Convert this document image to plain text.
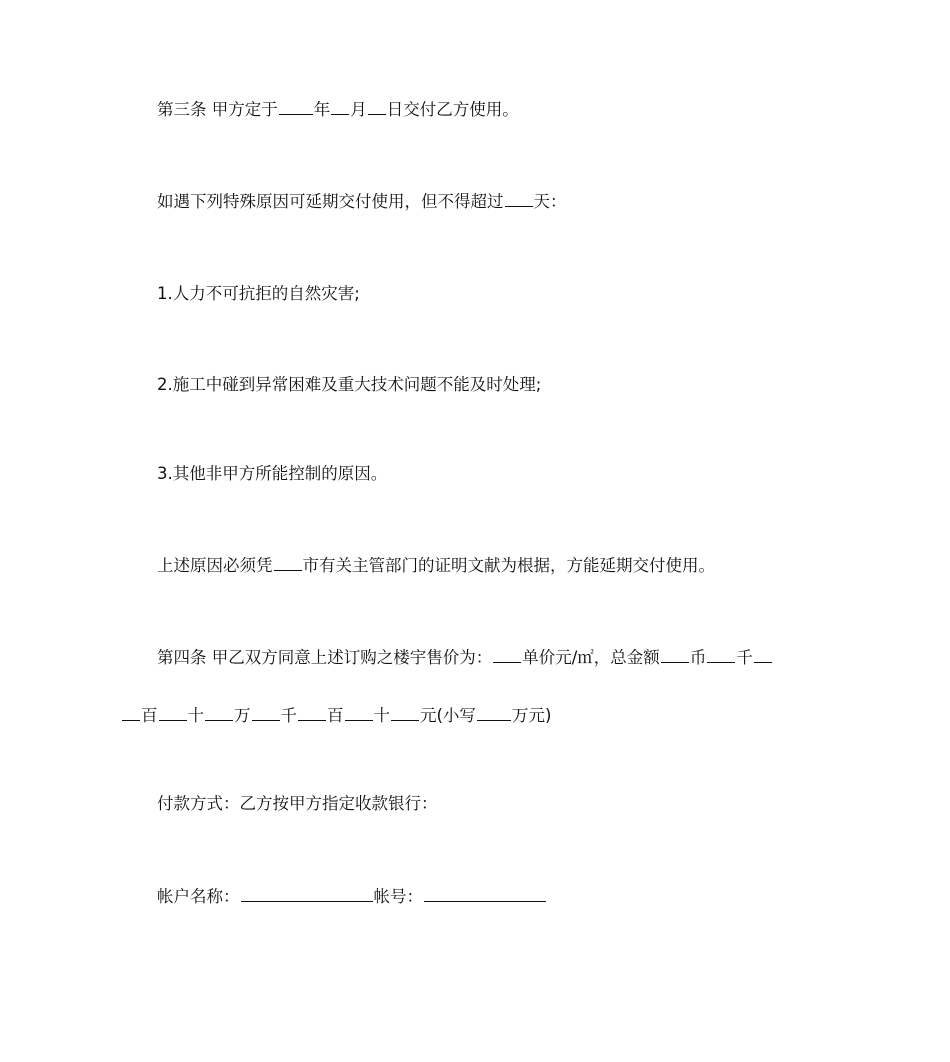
第三条 甲方定于 年 月 日交付乙方使用。
如遇下列特殊原因可延期交付使用，但不得超过 天：
1.人力不可抗拒的自然灾害;
2.施工中碰到异常困难及重大技术问题不能及时处理;
3.其他非甲方所能控制的原因。
上述原因必须凭 市有关主管部门的证明文献为根据，方能延期交付使用。
第四条 甲乙双方同意上述订购之楼宇售价为： 单价元/㎡，总金额 币 千
百 十 万 千 百 十 元(小写 万元)
付款方式：乙方按甲方指定收款银行：
帐户名称：	帐号：
